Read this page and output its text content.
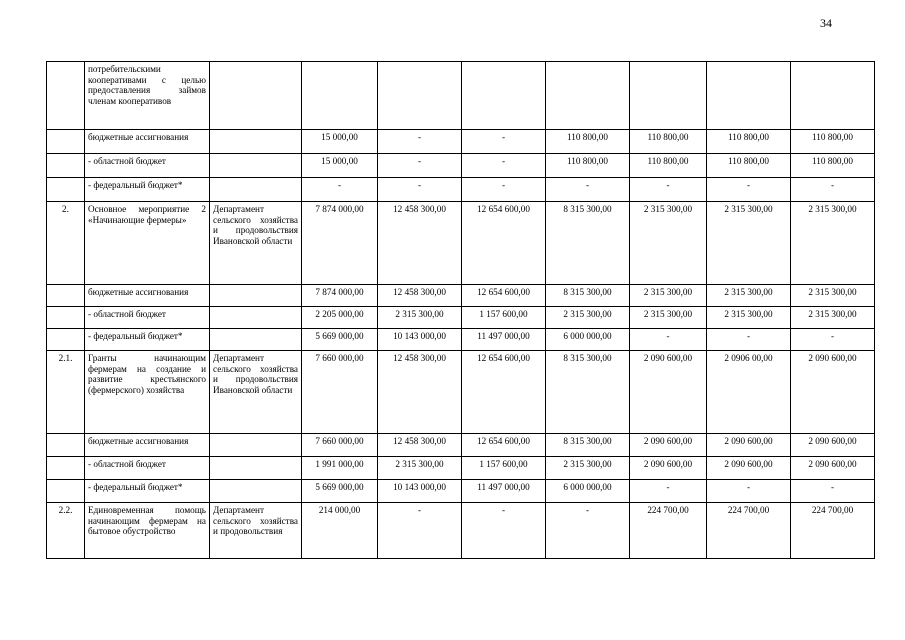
34
	потребительскими кооперативами с целью предоставления займов членам кооперативов								
	бюджетные ассигнования		15 000,00	-	-	110 800,00	110 800,00	110 800,00	110 800,00
	- областной бюджет		15 000,00	-	-	110 800,00	110 800,00	110 800,00	110 800,00
	- федеральный бюджет*		-	-	-	-	-	-	-
2.	Основное мероприятие 2 «Начинающие фермеры»	Департамент сельского хозяйства и продовольствия Ивановской области	7 874 000,00	12 458 300,00	12 654 600,00	8 315 300,00	2 315 300,00	2 315 300,00	2 315 300,00
	бюджетные ассигнования		7 874 000,00	12 458 300,00	12 654 600,00	8 315 300,00	2 315 300,00	2 315 300,00	2 315 300,00
	- областной бюджет		2 205 000,00	2 315 300,00	1 157 600,00	2 315 300,00	2 315 300,00	2 315 300,00	2 315 300,00
	- федеральный бюджет*		5 669 000,00	10 143 000,00	11 497 000,00	6 000 000,00	-	-	-
2.1.	Гранты начинающим фермерам на создание и развитие крестьянского (фермерского) хозяйства	Департамент сельского хозяйства и продовольствия Ивановской области	7 660 000,00	12 458 300,00	12 654 600,00	8 315 300,00	2 090 600,00	2 0906 00,00	2 090 600,00
	бюджетные ассигнования		7 660 000,00	12 458 300,00	12 654 600,00	8 315 300,00	2 090 600,00	2 090 600,00	2 090 600,00
	- областной бюджет		1 991 000,00	2 315 300,00	1 157 600,00	2 315 300,00	2 090 600,00	2 090 600,00	2 090 600,00
	- федеральный бюджет*		5 669 000,00	10 143 000,00	11 497 000,00	6 000 000,00	-	-	-
2.2.	Единовременная помощь начинающим фермерам на бытовое обустройство	Департамент сельского хозяйства и продовольствия	214 000,00	-	-	-	224 700,00	224 700,00	224 700,00
